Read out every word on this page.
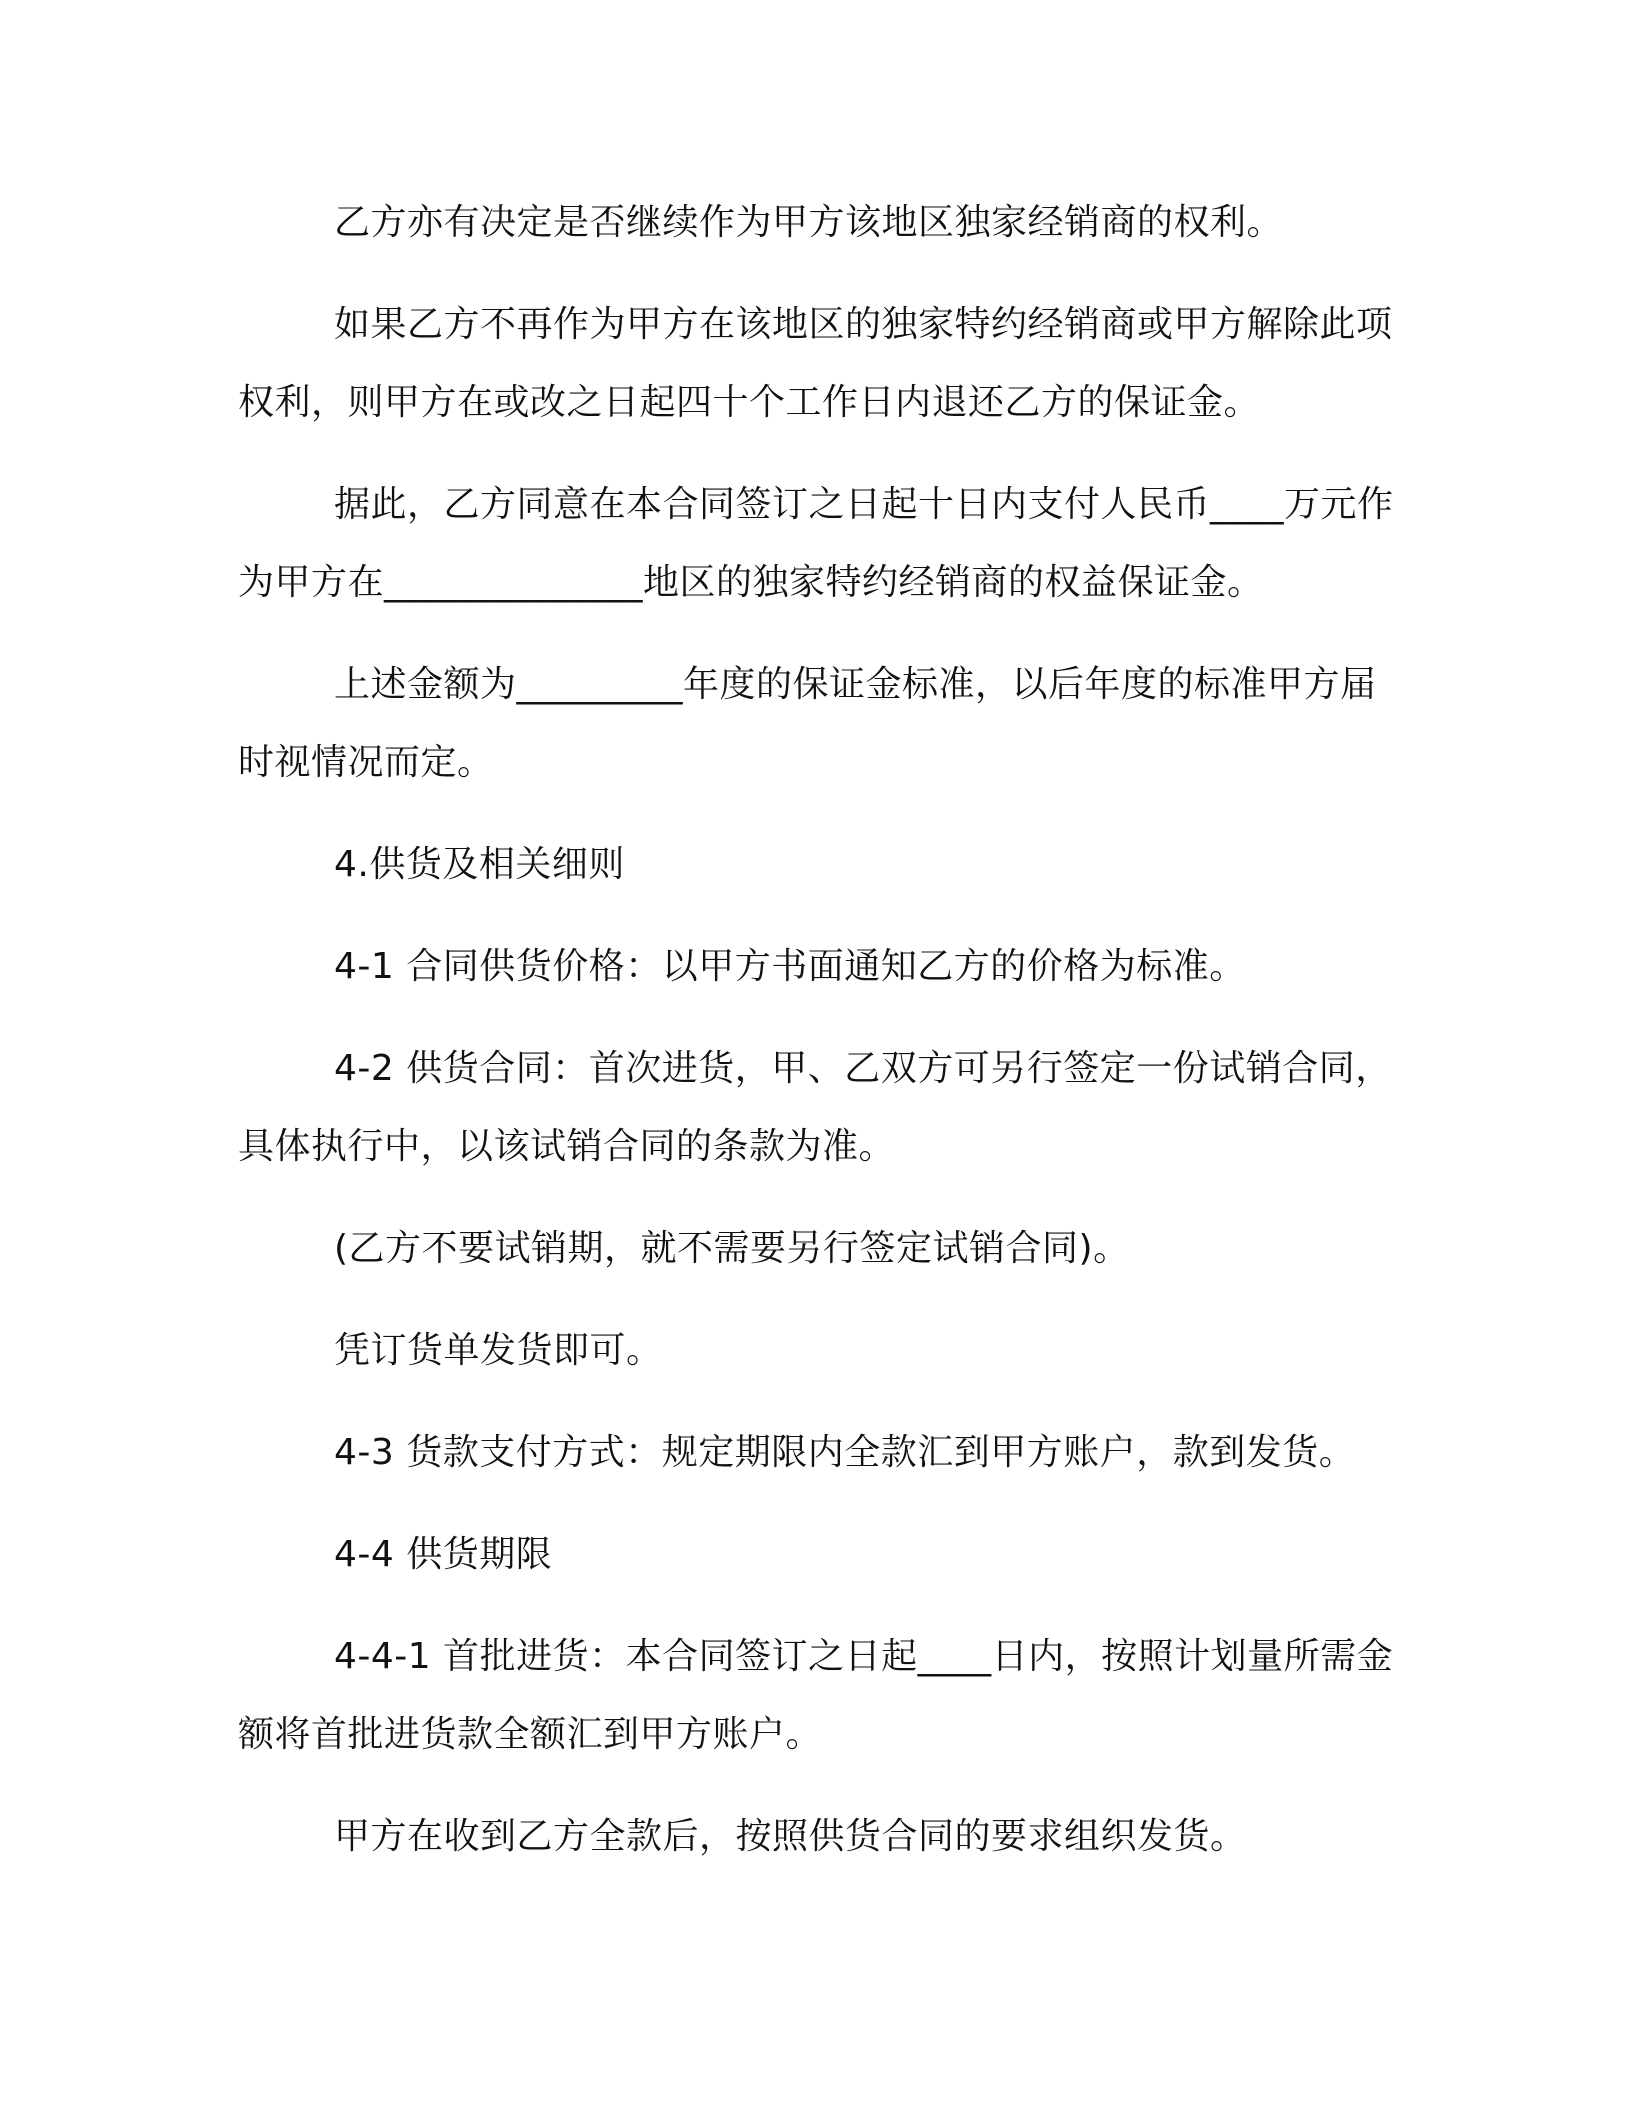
乙方亦有决定是否继续作为甲方该地区独家经销商的权利。

如果乙方不再作为甲方在该地区的独家特约经销商或甲方解除此项权利，则甲方在或改之日起四十个工作日内退还乙方的保证金。

据此，乙方同意在本合同签订之日起十日内支付人民币____万元作为甲方在______________地区的独家特约经销商的权益保证金。

上述金额为_________年度的保证金标准，以后年度的标准甲方届时视情况而定。

4.供货及相关细则

4-1 合同供货价格：以甲方书面通知乙方的价格为标准。

4-2 供货合同：首次进货，甲、乙双方可另行签定一份试销合同，具体执行中，以该试销合同的条款为准。

(乙方不要试销期，就不需要另行签定试销合同)。

凭订货单发货即可。

4-3 货款支付方式：规定期限内全款汇到甲方账户，款到发货。

4-4 供货期限

4-4-1 首批进货：本合同签订之日起____日内，按照计划量所需金额将首批进货款全额汇到甲方账户。

甲方在收到乙方全款后，按照供货合同的要求组织发货。
